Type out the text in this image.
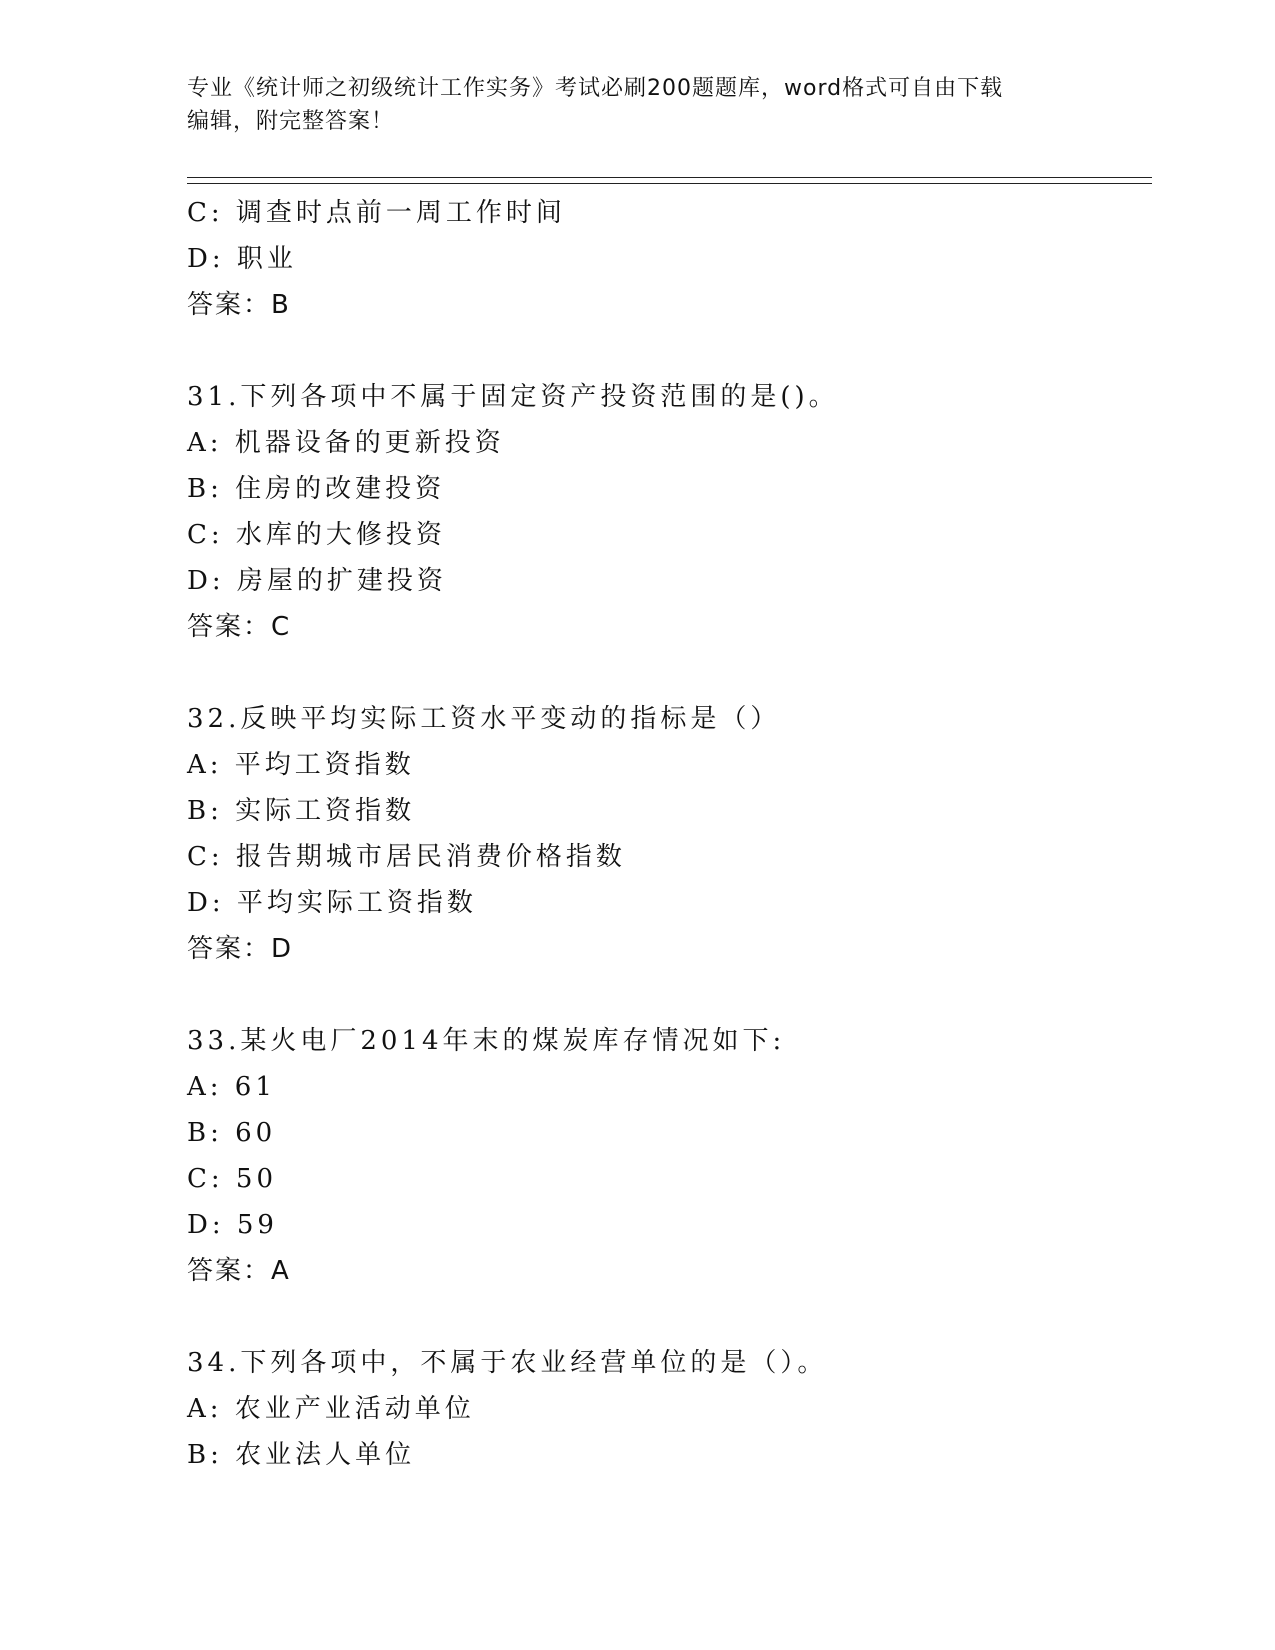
专业《统计师之初级统计工作实务》考试必刷200题题库，word格式可自由下载
编辑，附完整答案！
C: 调查时点前一周工作时间
D: 职业
答案：B
31.下列各项中不属于固定资产投资范围的是()。
A: 机器设备的更新投资
B: 住房的改建投资
C: 水库的大修投资
D: 房屋的扩建投资
答案：C
32.反映平均实际工资水平变动的指标是（）
A: 平均工资指数
B: 实际工资指数
C: 报告期城市居民消费价格指数
D: 平均实际工资指数
答案：D
33.某火电厂2014年末的煤炭库存情况如下:
A: 61
B: 60
C: 50
D: 59
答案：A
34.下列各项中，不属于农业经营单位的是（）。
A: 农业产业活动单位
B: 农业法人单位
